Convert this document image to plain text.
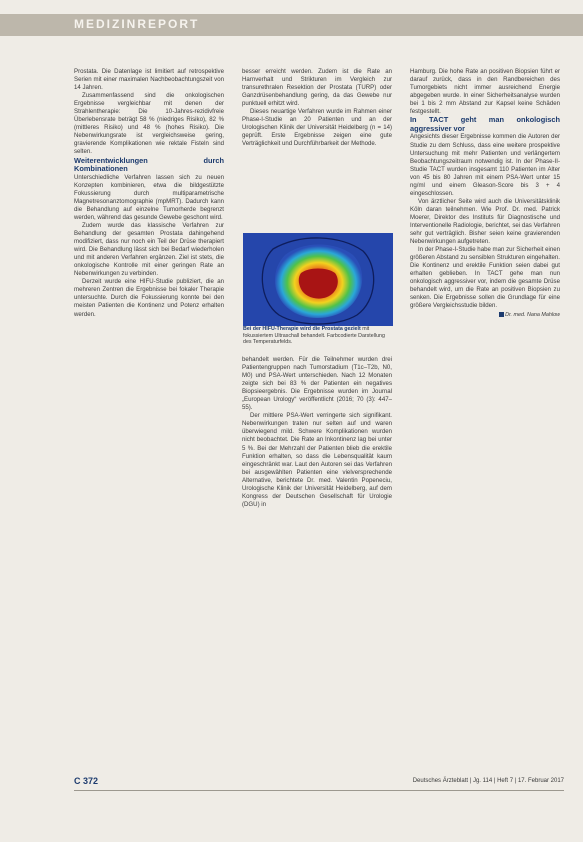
MEDIZINREPORT

Prostata. Die Datenlage ist limitiert auf retrospektive Serien mit einer maximalen Nachbeobachtungszeit von 14 Jahren.

Zusammenfassend sind die onkologischen Ergebnisse vergleichbar mit denen der Strahlentherapie: Die 10-Jahres-rezidivfreie Überlebensrate beträgt 58 % (niedriges Risiko), 82 % (mittleres Risiko) und 48 % (hohes Risiko). Die Nebenwirkungsrate ist vergleichsweise gering, gravierende Komplikationen wie rektale Fisteln sind selten.

Weiterentwicklungen durch Kombinationen

Unterschiedliche Verfahren lassen sich zu neuen Konzepten kombinieren, etwa die bildgestützte Fokussierung durch multiparametrische Magnetresonanztomographie (mpMRT). Dadurch kann die Behandlung auf einzelne Tumorherde begrenzt werden, während das gesunde Gewebe geschont wird.

Zudem wurde das klassische Verfahren zur Behandlung der gesamten Prostata dahingehend modifiziert, dass nur noch ein Teil der Drüse therapiert wird. Die Behandlung lässt sich bei Bedarf wiederholen und mit anderen Verfahren ergänzen. Ziel ist stets, die onkologische Kontrolle mit einer geringen Rate an Nebenwirkungen zu verbinden.

Derzeit wurde eine HIFU-Studie publiziert, die an mehreren Zentren die Ergebnisse bei fokaler Therapie untersuchte. Durch die Fokussierung konnte bei den meisten Patienten die Kontinenz und Potenz erhalten werden.

besser erreicht werden. Zudem ist die Rate an Harnverhalt und Strikturen im Vergleich zur transurethralen Resektion der Prostata (TURP) oder Ganzdrüsenbehandlung gering, da das Gewebe nur punktuell erhitzt wird.

Dieses neuartige Verfahren wurde im Rahmen einer Phase-I-Studie an 20 Patienten und an der Urologischen Klinik der Universität Heidelberg (n = 14) geprüft. Erste Ergebnisse zeigen eine gute Verträglichkeit und Durchführbarkeit der Methode.

Bei der HIFU-Therapie wird die Prostata gezielt mit fokussiertem Ultraschall behandelt. Farbcodierte Darstellung des Temperaturfelds.

behandelt werden. Für die Teilnehmer wurden drei Patientengruppen nach Tumorstadium (T1c–T2b, N0, M0) und PSA-Wert unterschieden. Nach 12 Monaten zeigte sich bei 83 % der Patienten ein negatives Biopsieergebnis. Die Ergebnisse wurden im Journal „European Urology“ veröffentlicht (2016; 70 (3): 447–55).

Der mittlere PSA-Wert verringerte sich signifikant. Nebenwirkungen traten nur selten auf und waren überwiegend mild. Schwere Komplikationen wurden nicht beobachtet. Die Rate an Inkontinenz lag bei unter 5 %. Bei der Mehrzahl der Patienten blieb die erektile Funktion erhalten, so dass die Lebensqualität kaum eingeschränkt war. Laut den Autoren sei das Verfahren bei ausgewählten Patienten eine vielversprechende Alternative, berichtete Dr. med. Valentin Popeneciu, Urologische Klinik der Universität Heidelberg, auf dem Kongress der Deutschen Gesellschaft für Urologie (DGU) in

Hamburg. Die hohe Rate an positiven Biopsien führt er darauf zurück, dass in den Randbereichen des Tumorgebiets nicht immer ausreichend Energie abgegeben wurde. In einer Sicherheitsanalyse wurden bei 1 bis 2 mm Abstand zur Kapsel keine Schäden festgestellt.

In TACT geht man onkologisch aggressiver vor

Angesichts dieser Ergebnisse kommen die Autoren der Studie zu dem Schluss, dass eine weitere prospektive Untersuchung mit mehr Patienten und verlängertem Beobachtungszeitraum notwendig ist. In der Phase-II-Studie TACT wurden insgesamt 110 Patienten im Alter von 45 bis 80 Jahren mit einem PSA-Wert unter 15 ng/ml und einem Gleason-Score bis 3 + 4 eingeschlossen.

Von ärztlicher Seite wird auch die Universitätsklinik Köln daran teilnehmen. Wie Prof. Dr. med. Patrick Moerer, Direktor des Instituts für Diagnostische und Interventionelle Radiologie, berichtet, sei das Verfahren sehr gut verträglich. Bisher seien keine gravierenden Nebenwirkungen aufgetreten.

In der Phase-I-Studie habe man zur Sicherheit einen größeren Abstand zu sensiblen Strukturen eingehalten. Die Kontinenz und erektile Funktion seien dabei gut erhalten geblieben. In TACT gehe man nun onkologisch aggressiver vor, indem die gesamte Drüse behandelt wird, um die Rate an positiven Biopsien zu senken. Die Ergebnisse sollen die Grundlage für eine größere Vergleichsstudie bilden.

Dr. med. Nana Mahlow

C 372	Deutsches Ärzteblatt | Jg. 114 | Heft 7 | 17. Februar 2017
